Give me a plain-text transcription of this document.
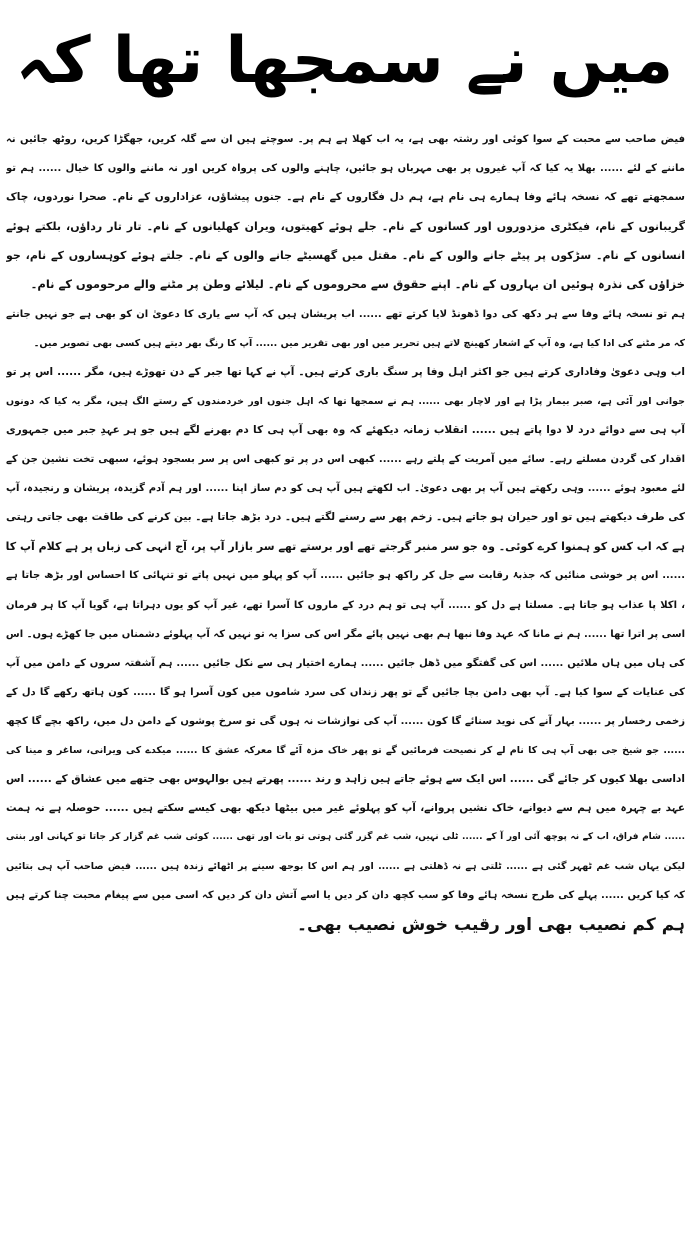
میں نے سمجھا تھا کہ
فیض صاحب سے محبت کے سوا کوئی اور رشتہ بھی ہے، یہ اب کھلا ہے ہم پر۔ سوچتے ہیں ان سے گلہ کریں، جھگڑا کریں، روٹھ جائیں نہ
ماننے کے لئے ...... بھلا یہ کیا کہ آپ غیروں پر بھی مہرباں ہو جائیں، چاہنے والوں کی پرواہ کریں اور نہ ماننے والوں کا خیال ...... ہم تو
سمجھتے تھے کہ نسخہ ہائے وفا ہمارے ہی نام ہے، ہم دل فگاروں کے نام ہے۔ جنوں پیشاؤں، عزاداروں کے نام۔ صحرا نوردوں، چاک
گریبانوں کے نام، فیکٹری مزدوروں اور کسانوں کے نام۔ جلے ہوئے کھیتوں، ویران کھلیانوں کے نام۔ تار تار رداؤں، بلکتے ہوئے
انسانوں کے نام۔ سڑکوں پر پیٹے جانے والوں کے نام۔ مقتل میں گھسیٹے جانے والوں کے نام۔ جلتے ہوئے کوہساروں کے نام، جو
خزاؤں کی نذرہ ہوئیں ان بہاروں کے نام۔ اپنے حقوق سے محروموں کے نام۔ لیلائے وطن پر مٹنے والے مرحوموں کے نام۔
ہم تو نسخہ ہائے وفا سے ہر دکھ کی دوا ڈھونڈ لایا کرتے تھے ...... اب پریشان ہیں کہ آپ سے یاری کا دعویٰ ان کو بھی ہے جو نہیں جانتے
کہ مر مٹنے کی ادا کیا ہے، وہ آپ کے اشعار کھینچ لاتے ہیں تحریر میں اور بھی تقریر میں ...... آپ کا رنگ بھر دیتے ہیں کسی بھی تصویر میں۔
اب وہی دعویٰ وفاداری کرتے ہیں جو اکثر اہل وفا پر سنگ باری کرتے ہیں۔ آپ نے کہا تھا جبر کے دن تھوڑے ہیں، مگر ...... اس پر تو
جوانی اور آئی ہے، صبر بیمار پڑا ہے اور لاچار بھی ...... ہم نے سمجھا تھا کہ اہل جنوں اور خردمندوں کے رستے الگ ہیں، مگر یہ کیا کہ دونوں
آپ ہی سے دوائے درد لا دوا پاتے ہیں ...... انقلاب زمانہ دیکھئے کہ وہ بھی آپ ہی کا دم بھرنے لگے ہیں جو ہر عہدِ جبر میں جمہوری
اقدار کی گردن مسلتے رہے۔ سائے میں آمریت کے پلتے رہے ...... کبھی اس در پر تو کبھی اس پر سر بسجود ہوئے، سبھی تخت نشین جن کے
لئے معبود ہوئے ...... وہی رکھتے ہیں آپ پر بھی دعویٰ۔ اب لکھتے ہیں آپ ہی کو دم ساز اپنا ...... اور ہم آدم گزیدہ، پریشان و رنجیدہ، آپ
کی طرف دیکھتے ہیں تو اور حیران ہو جاتے ہیں۔ زخم پھر سے رسنے لگتے ہیں۔ درد بڑھ جاتا ہے۔ بین کرنے کی طاقت بھی جاتی رہتی
ہے کہ اب کس کو ہمنوا کرے کوئی۔ وہ جو سر منبر گرجتے تھے اور برستے تھے سر بازار آپ پر، آج انہی کی زباں پر ہے کلام آپ کا
...... اس پر خوشی منائیں کہ جذبۂ رقابت سے جل کر راکھ ہو جائیں ...... آپ کو پہلو میں نہیں پاتے تو تنہائی کا احساس اور بڑھ جاتا ہے
، اکلا پا عذاب ہو جاتا ہے۔ مسلتا ہے دل کو ...... آپ ہی تو ہم درد کے ماروں کا آسرا تھے، غیر آپ کو یوں دہراتا ہے، گویا آپ کا ہر فرمان
اسی پر اترا تھا ...... ہم نے مانا کہ عہد وفا نبھا ہم بھی نہیں پائے مگر اس کی سزا یہ تو نہیں کہ آپ پہلوئے دشمناں میں جا کھڑے ہوں۔ اس
کی ہاں میں ہاں ملائیں ...... اس کی گفتگو میں ڈھل جائیں ...... ہمارے اختیار ہی سے نکل جائیں ...... ہم آشفتہ سروں کے دامن میں آپ
کی عنایات کے سوا کیا ہے۔ آپ بھی دامن بچا جائیں گے تو پھر زنداں کی سرد شاموں میں کون آسرا ہو گا ...... کون ہاتھ رکھے گا دل کے
زخمی رخسار پر ...... بہار آنے کی نوید سنائے گا کون ...... آپ کی نوازشات نہ ہوں گی تو سرخ پوشوں کے دامن دل میں، راکھ بچے گا کچھ
...... جو شیخ جی بھی آپ ہی کا نام لے کر نصیحت فرمائیں گے تو پھر خاک مزہ آئے گا معرکہ عشق کا ...... میکدے کی ویرانی، ساغر و مینا کی
اداسی بھلا کیوں کر جائے گی ...... اس ایک سے ہوئے جاتے ہیں زاہد و رند ...... پھرتے ہیں بوالہوس بھی جتھے میں عشاق کے ...... اس
عہد بے چہرہ میں ہم سے دیوانے، خاک نشیں پروانے، آپ کو پہلوئے غیر میں بیٹھا دیکھ بھی کیسے سکتے ہیں ...... حوصلہ ہے نہ ہمت
...... شام فراق، اب کے نہ پوچھ آئی اور آ کے ...... ٹلی نہیں، شب غم گزر گئی ہوتی تو بات اور تھی ...... کوئی شب غم گزار کر جاتا تو کہانی اور بنتی
لیکن یہاں شب غم ٹھہر گئی ہے ...... ٹلتی ہے نہ ڈھلتی ہے ...... اور ہم اس کا بوجھ سینے پر اٹھائے زندہ ہیں ...... فیض صاحب آپ ہی بتائیں
کہ کیا کریں ...... پہلے کی طرح نسخہ ہائے وفا کو سب کچھ دان کر دیں یا اسے آتش دان کر دیں کہ اسی میں سے پیغام محبت چنا کرتے ہیں
ہم کم نصیب بھی اور رقیب خوش نصیب بھی۔
